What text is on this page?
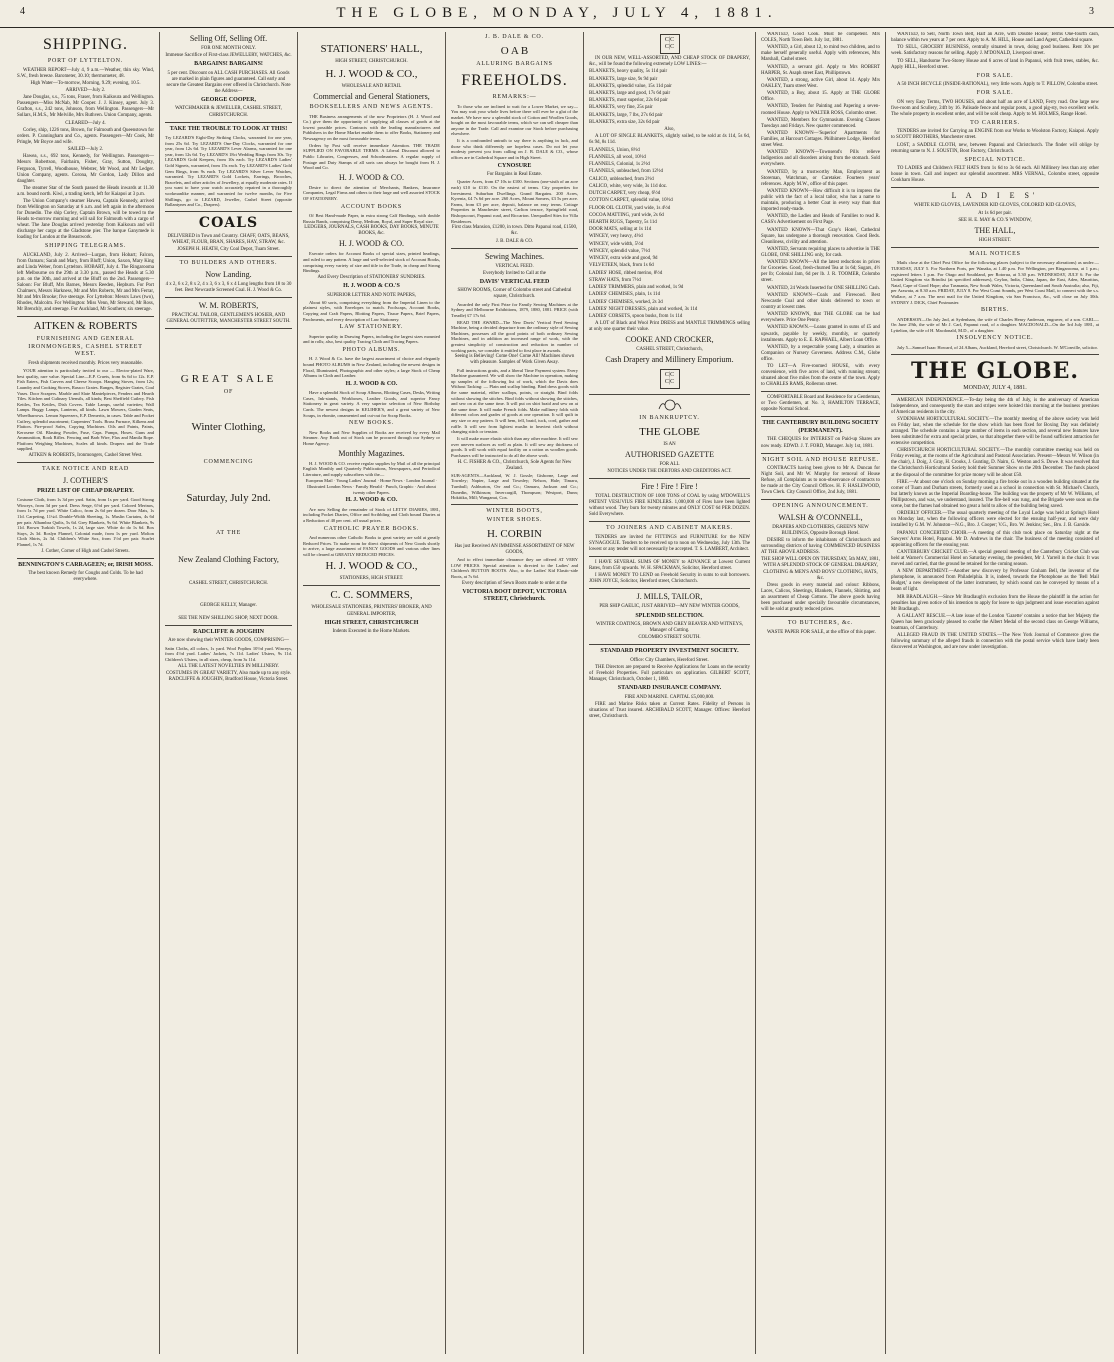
4	THE GLOBE, MONDAY, JULY 4, 1881.	3
SHIPPING.
PORT OF LYTTELTON.

WEATHER REPORT—July 4, 9 a.m.—Weather, thin sky. Wind, S.W., fresh breeze. Barometer, 30.10; thermometer, 48.

High Water—To-morrow, Morning, 9.29; evening, 10.5.

ARRIVED—July 2.

Jane Douglas, s.s., 75 tons, Fraser, from Kaikoura and Wellington. Passengers—Miss McNab, Mr Cooper. J. J. Kinsey, agent. July 3. Grafton, s.s., 242 tons, Johnson, from Wellington. Passengers—Mr Sollars, H.M.S., Mr Melville, Mrs Ruthven. Union Company, agents.

CLEARED—July 4.

Corley, ship, 1226 tons, Brown, for Falmouth and Queenstown for orders. P. Cunningham and Co., agents. Passengers—Mr Cook, Mr Pringle, Mr Boyce and wife.

SAILED—July 2.

Hawea, s.s., 692 tons, Kennedy, for Wellington. Passengers—Messrs Robertson, Fairbairn, Fisher, Gray, Sutton, Doughty, Ferguson, Tyrrell, Woodhouse, Webster, Mr Wood, and Mr Ledger. Union Company, agents. Corona, Mr Gordon, Lady Dillon and daughter.

The steamer Star of the South passed the Heads inwards at 11.30 a.m. bound north. Kiwi, a trading ketch, left for Kaiapoi at 3 p.m.

The Union Company's steamer Hawea, Captain Kennedy, arrived from Wellington on Saturday at 6 a.m. and left again in the afternoon for Dunedin. The ship Corley, Captain Brown, will be towed to the Heads to-morrow morning and will sail for Falmouth with a cargo of wheat. The Jane Douglas arrived yesterday from Kaikoura and will discharge her cargo at the Gladstone pier. The barque Ganymede is loading for London at the Breastwork.

SHIPPING TELEGRAMS.

AUCKLAND, July 2. Arrived—Lurgan, from Hobart; Falcon, from Oamaru; Sarah and Mary, from Bluff; Union, Saxon, Mary King and Linda Weber, from Lyttelton. HOBART, July 4. The Ringarooma left Melbourne on the 29th at 3.30 p.m., passed the Heads at 5.30 p.m. on the 30th, and arrived at the Bluff on the 2nd. Passengers—Saloon: For Bluff, Mrs Barnes, Messrs Reeden, Hepburn. For Port Chalmers, Messrs Harkness, Mr and Mrs Roberts, Mr and Mrs Ferrar, Mr and Mrs Brooke; five steerage. For Lyttelton: Messrs Laws (two), Rhodes, Malcolm. For Wellington: Miss Venn, Mr Steward, Mr Ross, Mr Brenchly, and steerage. For Auckland, Mr Southern; six steerage.

AITKEN & ROBERTS
FURNISHING AND GENERAL IRONMONGERS, CASHEL STREET WEST.

Fresh shipments received monthly. Prices very reasonable.

YOUR attention is particularly invited to our — Electro-plated Ware, best quality, rare value. Special Line—E.P. Cruets, from 6s 6d to 12s. E.P. Fish Eaters, Fish Carvers and Cheese Scoops. Hanging Stoves, from 12s; Laundry and Cooking Stoves, Rassco Grates. Ranges, Register Grates, Coal Vases. Door Scrapers. Marble and Slate Mantelpieces, Fenders and Hearth Tiles. Kitchen and Culinary Utensils, all kinds; Best Sheffield Cutlery. Fish Kettles, Tea Kettles, Dish Covers. Table Lamps, useful varieties; Wall Lamps. Buggy Lamps, Lanterns, all kinds. Lawn Mowers, Garden Seats, Wheelbarrows. Lemon Squeezers, E.P. Demerits, in cases. Table and Pocket Cutlery, splendid assortment; Carpenters' Tools. Brass Furnace, Kilkens and Flattors. Fire-proof Safes, Copying Machines. Oils and Paints, Paints, Kerosene Oil. Blasting Powder, Fuse, Caps. Pumps, Hoses. Guns and Ammunition, Rook Rifles. Fencing and Barb Wire, Flax and Manila Rope. Platform Weighing Machines, Scales all kinds. Drapers and the Trade supplied.

AITKEN & ROBERTS, Ironmongers, Cashel Street West.

TAKE NOTICE AND READ
J. COTHER'S
PRIZE LIST OF CHEAP DRAPERY.

Costume Cloth, from 1s 3d per yard. Satin, from 1s per yard. Good Strong Winceys, from 3d per yard. Dress Serge, 6½d per yard. Colored Merinos, from 1s 7d per yard. White Calico, from 2s 6d per dozen. Door Mats, 1s 11d. Carpeting, 11¼d. Double-Width Sheeting, 1s. Muslin Curtains, 4s 6d per pair. Alhambra Quilts, 5s 6d. Grey Blankets, 9s 6d. White Blankets, 9s 11d. Brown Turkish Towels, 1s 2d, large size. White do do 1s 6d. Box Stays, 2s 3d. Roslyn Flannel, Colonial made, from 1s per yard. Molton Cloth Shirts, 2s 3d. Children's White Sox, from 1½d per pair. Scarlet Flannel, 1s 7d.

J. Cother, Corner of High and Cashel Streets.

BENNINGTON'S CARRAGEEN; or, IRISH MOSS.

The best known Remedy for Coughs and Colds. To be had everywhere.

Selling Off, Selling Off.

FOR ONE MONTH ONLY.

Immense Sacrifice of First-class JEWELLERY, WATCHES, &c.

BARGAINS! BARGAINS!

5 per cent. Discount on ALL CASH PURCHASES. All Goods are marked in plain figures and guaranteed. Call early and secure the Greatest Bargains ever offered in Christchurch. Note the Address—

GEORGE COOPER,

WATCHMAKER & JEWELLER, CASHEL STREET, CHRISTCHURCH.

TAKE THE TROUBLE TO LOOK AT THIS!

Try LEZARD'S Eight-Day Striking Clocks, warranted for one year, from 25s 6d. Try LEZARD'S One-Day Clocks, warranted for one year, from 12s 6d. Try LEZARD'S Lever Alarms, warranted for one year, from 12s 6d. Try LEZARD'S 18ct Wedding Rings from 30s. Try LEZARD'S Gold Keepers, from 10s each. Try LEZARD'S Ladies' Gold Signets, warranted, from 15s each. Try LEZARD'S Ladies' Gold Gem Rings, from 9s each. Try LEZARD'S Silver Lever Watches, warranted. Try LEZARD'S Gold Lockets, Earrings, Brooches, Bracelets, and other articles of Jewellery, at equally moderate rates. If you want to have your watch accurately repaired in a thoroughly workmanlike manner, and warranted for twelve months, for Five Shillings, go to LEZARD, Jeweller, Cashel Street (opposite Ballantynes and Co., Drapers).

COALS

DELIVERED in Town and Country. CHAFF, OATS, BEANS, WHEAT, FLOUR, BRAN, SHARES, HAY, STRAW, &c.

JOSEPH H. HEATH, City Coal Depot, Tuam Street.

TO BUILDERS AND OTHERS.
Now Landing.

4 x 2, 6 x 2, 8 x 2, 4 x 3, 6 x 3, 6 x 4 Long lengths from 18 to 30 feet. Best Newcastle Screened Coal. H. J. Wood & Co.

W. M. ROBERTS,

PRACTICAL TAILOR, GENTLEMEN'S HOSIER, AND GENERAL OUTFITTER, MANCHESTER STREET SOUTH.

GREAT SALE
OF
Winter Clothing,
COMMENCING
Saturday, July 2nd.
AT THE
New Zealand Clothing Factory,

CASHEL STREET, CHRISTCHURCH.

GEORGE KELLY, Manager.

SEE THE NEW SHILLING SHOP, NEXT DOOR.

RADCLIFFE & JOUGHIN

Are now showing their WINTER GOODS, COMPRISING—

Satin Cloths, all colors, 1s yard. Wool Poplins 10½d yard. Winceys, from 4½d yard. Ladies' Jackets, 7s 11d. Ladies' Ulsters, 9s 11d. Children's Ulsters, in all sizes, cheap, from 3s 11d.

ALL THE LATEST NOVELTIES IN MILLINERY.

COSTUMES IN GREAT VARIETY, Also made up to any style. RADCLIFFE & JOUGHIN, Bradford House, Victoria Street.

STATIONERS' HALL,

HIGH STREET, CHRISTCHURCH.

H. J. WOOD & CO.,

WHOLESALE AND RETAIL

Commercial and General Stationers,
BOOKSELLERS AND NEWS AGENTS.

THE Business arrangements of the now Proprietors (H. J. Wood and Co.) give them the opportunity of supplying all classes of goods at the lowest possible prices. Contracts with the leading manufacturers and Publishers in the Home Market enable them to offer Books, Stationery and Newsagency on the most favourable terms.

Orders by Post will receive immediate Attention. THE TRADE SUPPLIED ON FAVORABLE TERMS. A Liberal Discount allowed to Public Libraries, Congresses, and Schoolmasters. A regular supply of Postage and Duty Stamps of all sorts can always be bought from H. J. Wood and Co.

H. J. WOOD & CO.

Desire to direct the attention of Merchants, Bankers, Insurance Companies, Legal Firms and others to their large and well assorted STOCK OF STATIONERY.

ACCOUNT BOOKS

Of Best Hand-made Paper, in extra strong Calf Bindings, with double Russia Bands, comprising Demy, Medium, Royal, and Super Royal size.

LEDGERS, JOURNALS, CASH BOOKS, DAY BOOKS, MINUTE BOOKS, &c.

H. J. WOOD & CO.

Execute orders for Account Books of special sizes, printed headings, and ruled to any pattern. A large and well-selected stock of Account Books, comprising every variety of size and title in the Trade, in cheap and Strong Bindings.

And Every Description of STATIONERS' SUNDRIES.

H. J. WOOD & CO.'S

SUPERIOR LETTER AND NOTE PAPERS,

About 60 sorts, comprising everything from the Imperial Linen to the plainest styles, with Envelopes to match. Foolscaps, Account Books, Copying and Craft Papers, Blotting Papers, Tissue Papers, Brief Papers, Parchments, and every description of Law Stationery.

LAW STATIONERY.

Superior quality in Drawing Papers, including the largest sizes mounted and in rolls; also, best quality Tracing Cloth and Tracing Papers.

PHOTO ALBUMS.

H. J. Wood & Co. have the largest assortment of choice and elegantly bound PHOTO ALBUMS in New Zealand, including the newest designs in Floral, Illuminated, Photographic and other styles; a large Stock of Cheap Albums in Cloth and Leather.

H. J. WOOD & CO.

Have a splendid Stock of Scrap Albums, Blotting Cases, Desks, Writing Cases, Ink-stands, Workboxes, Leather Goods, and superior Fancy Stationery in great variety. A very superior selection of New Birthday Cards. The newest designs in KELIHER'S, and a great variety of New Scraps, in ebonite, ornamented and cut-out for Scrap Books.

NEW BOOKS.

New Books and New Supplies of Books are received by every Mail Steamer. Any Book out of Stock can be procured through our Sydney or Home Agency.

Monthly Magazines.

H. J. WOOD & CO. receive regular supplies by Mail of all the principal English Monthly and Quarterly Publications, Newspapers, and Periodical Literature, and supply subscribers with the—

European Mail · Young Ladies' Journal · Home News · London Journal · Illustrated London News · Family Herald · Punch, Graphic · And about twenty other Papers.

H. J. WOOD & CO.

Are now Selling the remainder of Stock of LETTS' DIARIES, 1881, including Pocket Diaries, Office and Scribbling and Cloth bound Diaries at a Reduction of 40 per cent. off usual prices.

CATHOLIC PRAYER BOOKS.

And numerous other Catholic Books to great variety are sold at greatly Reduced Prices. To make room for direct shipments of New Goods shortly to arrive, a large assortment of FANCY GOODS and various other lines will be cleared at GREATLY REDUCED PRICES.

H. J. WOOD & CO.,

STATIONERS, HIGH STREET.

C. C. SOMMERS,

WHOLESALE STATIONERS, PRINTERS' BROKER, AND GENERAL IMPORTER,

HIGH STREET, CHRISTCHURCH

Indents Executed in the Home Markets.

J. B. DALE & CO.
O A B
ALLURING BARGAINS
FREEHOLDS.
REMARKS:—

To those who are inclined to wait for a Lower Market, we say—You may wait your whole lives before there will ever be a glut of the market. We have now a splendid stock of Cotton and Woollen Goods, bought on the most favourable terms, which we can sell cheaper than anyone in the Trade. Call and examine our Stock before purchasing elsewhere.

It is a confounded untruth to say there is anything in luck, and those who think differently are hopeless cases. Do not let your modesty prevent you from calling on J. B. DALE & CO., whose offices are in Cathedral Square and in High Street.

CYNOSURE

For Bargains in Real Estate.

Quarter Acres, from £7 10s to £100. Sections (one-sixth of an acre each) £10 to £110. On the easiest of terms. City properties for Investment. Suburban Dwellings. Grand Bargains. 200 Acres, Kyrenia, £4 7s 6d per acre. 260 Acres, Mount Somers, £3 5s per acre. Farms, from £3 per acre, deposit, balance on easy terms. Cottage Properties in Manchester street, Carlton terrace, Springfield road, Bishopscourt, Papanui road, and Riccarton. Unequalled Sites for Villa Residences.

First class Mansion, £1200, in town. Ditto Papanui road, £1500, &c.

J. B. DALE & CO.

Sewing Machines.

VERTICAL FEED.

Everybody Invited to Call at the

DAVIS' VERTICAL FEED

SHOW ROOMS, Corner of Colombo street and Cathedral square, Christchurch.

Awarded the only First Prize for Family Sewing Machines at the Sydney and Melbourne Exhibitions, 1879, 1880, 1881. PRICE (with Treadle) £7 17s 6d.

READ THE AWARD—The New Davis' Vertical Feed Sewing Machine, being a decided departure from the ordinary style of Sewing Machines, possesses all the good points of both ordinary Sewing Machines, and in addition an increased range of work, with the greatest simplicity of construction and reduction in number of working parts, we consider it entitled to first place in awards.

Seeing is Believing! Come One! Come All! Machines shown with pleasure. Samples of Work Given Away.

Full instructions gratis, and a liberal Time Payment system. Every Machine guaranteed. We will show the Machine in operation, making up samples of the following list of work, which the Davis does Without Tacking: — Plain and scallop binding. Bind dress goods with the same material, either scallops, points, or straight. Bind folds without showing the stitches. Bind folds without showing the stitches, and sew on at the same time. It will put on shirt braid and sew on at the same time. It will make French folds. Make millinery folds with different colors and grades of goods at one operation. It will quilt in any size or any pattern. It will hem, fell, braid, tuck, cord, gather and ruffle. It will sew from lightest muslin to heaviest cloth without changing stitch or tension.

It will make more elastic stitch than any other machine. It will sew over uneven surfaces as well as plain. It will sew any thickness of goods. It will work with equal facility on a cotton as woollen goods. Purchasers will be instructed to do all the above work.

H. C. FISHER & CO., Christchurch, Sole Agents for New Zealand.

SUB-AGENTS—Auckland, W. J. Gossle; Gisborne, Large and Townley; Napier, Large and Townley; Nelson, Hale; Timaru, Turnbull; Ashburton, Orr and Co.; Oamaru, Jackson and Co.; Dunedin, Wilkinson; Invercargill, Thompson; Westport, Dunn; Hokitika, Mill; Wanganui, Cox.

WINTER BOOTS,
WINTER SHOES.
H. CORBIN

Has just Received AN IMMENSE ASSORTMENT OF NEW GOODS,

And to effect immediate clearance they are offered AT VERY LOW PRICES. Special attention is directed to the Ladies' and Children's BUTTON BOOTS. Also, to the Ladies' Kid Elastic-side Boots, at 7s 6d.

Every description of Sewn Boots made to order at the

VICTORIA BOOT DEPOT, VICTORIA STREET, Christchurch.
C|C
C|C

IN OUR NEW, WELL-ASSORTED, AND CHEAP STOCK OF DRAPERY, &c., will be found the following extremely LOW LINES:—

BLANKETS, heavy quality, 5s 11d pair

BLANKETS, large size, 9s 9d pair

BLANKETS, splendid value, 15s 11d pair

BLANKETS, large and good, 17s 6d pair

BLANKETS, most superior, 22s 6d pair

BLANKETS, very fine, 25s pair

BLANKETS, large, 7 lbs, 27s 6d pair

BLANKETS, extra size, 32s 6d pair

Also,

A LOT OF SINGLE BLANKETS, slightly soiled, to be sold at 4s 11d, 5s 6d, 6s 9d, 8s 11d.

FLANNELS, Union, 8½d

FLANNELS, all wool, 10½d

FLANNELS, Colonial, 1s 2½d

FLANNELS, unbleached, from 12½d

CALICO, unbleached, from 2½d

CALICO, white, very wide, 3s 11d doz.

DUTCH CARPET, very cheap, 6½d

COTTON CARPET, splendid value, 10½d

FLOOR OIL CLOTH, yard wide, 1s 4½d

COCOA MATTING, yard wide, 2s 6d

HEARTH RUGS, Tapestry, 5s 11d

DOOR MATS, selling at 1s 11d

WINCEY, very heavy, 4½d

WINCEY, wide width, 5½d

WINCEY, splendid value, 7½d

WINCEY, extra wide and good, 9d

VELVETEEN, black, from 1s 6d

LADIES' HOSE, ribbed merino, 8½d

STRAW HATS, from 7½d

LADIES' TRIMMERS, plain and worked, 1s 9d

LADIES' CHEMISES, plain, 1s 11d

LADIES' CHEMISES, worked, 2s 3d

LADIES' NIGHT DRESSES, plain and worked, 3s 11d

LADIES' CORSETS, spoon busks, from 1s 11d

A LOT of Black and Wool Print DRESS and MANTLE TRIMMINGS selling at only one quarter their value.

COOKE AND CROCKER,

CASHEL STREET, Christchurch,

Cash Drapery and Millinery Emporium.
C|C
C|C
IN BANKRUPTCY.
THE GLOBE

IS AN

AUTHORISED GAZETTE

FOR ALL

NOTICES UNDER THE DEBTORS AND CREDITORS ACT.

Fire ! Fire ! Fire !

TOTAL DESTRUCTION OF 1000 TONS of COAL by using M'DOWELL'S PATENT VESUVIUS FIRE KINDLERS. 1,000,000 of Fires have been lighted without wood. They burn for twenty minutes and ONLY COST 6d PER DOZEN. Sold Everywhere.

TO JOINERS AND CABINET MAKERS.

TENDERS are invited for FITTINGS and FURNITURE for the NEW SYNAGOGUE. Tenders to be received up to noon on Wednesday, July 13th. The lowest or any tender will not necessarily be accepted. T. S. LAMBERT, Architect.

I HAVE SEVERAL SUMS OF MONEY to ADVANCE at Lowest Current Rates, from £50 upwards. W. H. SPACKMAN, Solicitor, Hereford street.

I HAVE MONEY TO LEND on Freehold Security in sums to suit borrowers. JOHN JOYCE, Solicitor, Hereford street, Christchurch.

J. MILLS, TAILOR,

PER SHIP GAELIC, JUST ARRIVED—MY NEW WINTER GOODS,

SPLENDID SELECTION.

WINTER COATINGS, BROWN AND GREY BEAVER AND WITNEYS, Manager of Cutting.

COLOMBO STREET SOUTH.

STANDARD PROPERTY INVESTMENT SOCIETY.

Office: City Chambers, Hereford Street.

THE Directors are prepared to Receive Applications for Loans on the security of Freehold Properties. Full particulars on application. GILBERT SCOTT, Manager, Christchurch, October 1, 1880.

STANDARD INSURANCE COMPANY.

FIRE AND MARINE. CAPITAL £5,000,000.

FIRE and Marine Risks taken at Current Rates. Fidelity of Persons in situations of Trust insured. ARCHIBALD SCOTT, Manager. Offices: Hereford street, Christchurch.

WANTED, Good Cook. Must be competent. Mrs COLES, North Town Belt. July 1st, 1881.

WANTED, a Girl, about 12, to mind two children, and to make herself generally useful. Apply with references, Mrs Marshall, Cashel street.

WANTED, a servant girl. Apply to Mrs ROBERT HARPER, St. Asaph street East, Phillipstown.

WANTED, a strong, active Girl, about 14. Apply Mrs OAKLEY, Tuam street West.

WANTED, a Boy, about 15. Apply at THE GLOBE Office.

WANTED, Tenders for Painting and Papering a seven-roomed House. Apply to WALTER ROSS, Colombo street.

WANTED, Members for Gymnasium. Evening Classes Tuesdays and Fridays. New quarter commenced.

WANTED KNOWN—'Superior' Apartments for Families, at Harcourt Cottages. Philhimere Lodge, Hereford street West.

WANTED KNOWN—Townsend's Pills relieve Indigestion and all disorders arising from the stomach. Sold everywhere.

WANTED, by a trustworthy Man, Employment as Storeman, Watchman, or Caretaker. Fourteen years' references. Apply M.W., office of this paper.

WANTED KNOWN—How difficult it is to impress the public with the fact of a local tailor, who has a name to maintain, producing a better Coat in every way than that imported ready-made.

WANTED, the Ladies and Heads of Families to read R. CASS's Advertisement on First Page.

WANTED KNOWN—That Gray's Hotel, Cathedral Square, has undergone a thorough renovation. Good Beds. Cleanliness, civility and attention.

WANTED, Servants requiring places to advertise in THE GLOBE, ONE SHILLING only, for cash.

WANTED KNOWN—All the latest reductions in prices for Groceries. Good, fresh-churned Tea at 1s 6d; Sugars, 4½ per lb; Colonial Jam, 6d per lb. J. R. TOOMER, Colombo street.

WANTED, 24 Words Inserted for ONE SHILLING Cash.

WANTED KNOWN—Coals and Firewood. Best Newcastle Coal and other kinds delivered to town or country at lowest rates.

WANTED KNOWN, that THE GLOBE can be had everywhere. Price One Penny.

WANTED KNOWN.—Loans granted in sums of £5 and upwards, payable by weekly, monthly, or quarterly instalments. Apply to E. E. RAPHAEL, Albert Loan Office.

WANTED, by a respectable young Lady, a situation as Companion or Nursery Governess. Address C.M., Globe office.

TO LET—A Five-roomed HOUSE, with every convenience, with five acres of land, with running stream; situated about five miles from the centre of the town. Apply to CHARLES RAMS, Rolleston street.

COMFORTABLE Board and Residence for a Gentleman, or Two Gentlemen, at No. 3, HAMILTON TERRACE, opposite Normal School.

THE CANTERBURY BUILDING SOCIETY (PERMANENT).

THE CHEQUES for INTEREST on Paid-up Shares are now ready. EDWD. J. T. FORD, Manager. July 1st, 1881.

NIGHT SOIL AND HOUSE REFUSE.

CONTRACTS having been given to Mr A. Duncan for Night Soil, and Mr W. Murphy for removal of House Refuse, all Complaints as to non-observance of contracts to be made at the City Council Offices. H. F. HASLEWOOD, Town Clerk. City Council Office, 2nd July, 1881.

OPENING ANNOUNCEMENT.
WALSH & O'CONNELL,

DRAPERS AND CLOTHIERS, GREEN'S NEW BUILDINGS, Opposite Borough Hotel.

DESIRE to inform the inhabitants of Christchurch and surrounding districts of having COMMENCED BUSINESS AT THE ABOVE ADDRESS.

THE SHOP WILL OPEN ON THURSDAY, 5th MAY, 1881, WITH A SPLENDID STOCK OF GENERAL DRAPERY, CLOTHING & MEN'S AND BOYS' CLOTHING, HATS, &c.

Dress goods in every material and colour: Ribbons, Laces, Calicos, Sheetings, Blankets, Flannels, Shirting, and an assortment of Cheap Cottons. The above goods having been purchased under specially favourable circumstances, will be sold at greatly reduced prices.

TO BUTCHERS, &c.

WASTE PAPER FOR SALE, at the office of this paper.

WANTED, to Sell, North Town Belt, Half an Acre, with Double House; Terms One-fourth cash, balance within two years at 7 per cent. Apply to A. M. HILL, House and Land Agent, Cathedral square.

TO SELL, GROCERY BUSINESS, centrally situated in town, doing good business. Rent 10s per week. Satisfactory reasons for selling. Apply J. M'DONALD, Liverpool street.

TO SELL, Handsome Two-Storey House and 6 acres of land in Papanui, with fruit trees, stables, &c. Apply HILL, Hereford street.

FOR SALE.

A 50 INCH BICYCLE (INSIDE-RATIONAL), very little worn. Apply to T. PILLOW, Colombo street.

FOR SALE.

ON very Easy Terms, TWO HOUSES, and about half an acre of LAND, Ferry road. One large new five-room and Scullery, 24ft by 16. Palisade fence and regular posts, a good pig-sty, two excellent wells. The whole property in excellent order, and will be sold cheap. Apply to M. HOLMES, Range Hotel.

TO CARRIERS.

TENDERS are invited for Carrying an ENGINE from our Works to Woolston Factory, Kaiapoi. Apply to SCOTT BROTHERS, Manchester street.

LOST, a SADDLE CLOTH, new, between Papanui and Christchurch. The finder will oblige by returning same to N. J. SOUSTIN, Boot Factory, Christchurch.

SPECIAL NOTICE.

TO LADIES and Children's FELT HATS from 1s 6d to 3s 6d each. All Millinery less than any other house in town. Call and inspect our splendid assortment. MRS VERNAL, Colombo street, opposite Cookham House.

L A D I E S'

WHITE KID GLOVES, LAVENDER KID GLOVES, COLORED KID GLOVES,

At 1s 6d per pair.

SEE H. E. MAY & CO.'S WINDOW,

THE HALL,

HIGH STREET.

MAIL NOTICES

Mails close at the Chief Post Office for the following places (subject to the necessary alterations) as under:— TUESDAY, JULY 5. For Northern Ports, per Wanaka, at 1.40 p.m. For Wellington, per Ringarooma, at 1 p.m.; registered letters 1 p.m. For Otago and Southland, per Rotorua, at 5.30 p.m. WEDNESDAY, JULY 6. For the United Kingdom via Brindisi (at specified addresses), Ceylon, India, China, Japan, the East, Aden, Mauritius, Natal, Cape of Good Hope; also Tasmania, New South Wales, Victoria, Queensland and South Australia; also, Fiji, per Arawata, at 8.30 a.m. FRIDAY, JULY 8. For West Coast Sounds, per West Coast Mail, to connect with the s.s. Wallace, at 7 a.m. The next mail for the United Kingdom, via San Francisco, &c., will close on July 30th. SYDNEY J. DICK, Chief Postmaster.

BIRTHS.

ANDERSON—On July 2nd, at Sydenham, the wife of Charles Henry Anderson, engraver, of a son. CARL—On June 29th, the wife of Mr J. Carl, Papanui road, of a daughter. MACDONALD—On the 3rd July 1881, at Lyttelton, the wife of H. Macdonald, M.D., of a daughter.

INSOLVENCY NOTICE.

July 5—Samuel Isaac Howard, of 24 Albans, Auckland, Hereford street, Christchurch. W. M'Conville, solicitor.

THE GLOBE.
MONDAY, JULY 4, 1881.

AMERICAN INDEPENDENCE.—To-day being the 4th of July, is the anniversary of American Independence, and consequently the stars and stripes were hoisted this morning at the business premises of American residents in the city.

SYDENHAM HORTICULTURAL SOCIETY.—The monthly meeting of the above society was held on Friday last, when the schedule for the show which has been fixed for Boxing Day was definitely arranged. The schedule contains a large number of items in each section, and several new features have been substituted for extra and special prizes, so that altogether there will be found sufficient attraction for extensive competition.

CHRISTCHURCH HORTICULTURAL SOCIETY.—The monthly committee meeting was held on Friday evening, at the rooms of the Agricultural and Pastoral Association. Present—Messrs W. Wilson (in the chair), J. Doig, J. Gray, H. Crooks, J. Gunting, D. Nairn, G. Weston and S. Dowe. It was resolved that the Christchurch Horticultural Society hold their Summer Show on the 20th December. The funds placed at the disposal of the committee for prize money will be about £50.

FIRE.—At about one o'clock on Sunday morning a fire broke out in a wooden building situated at the corner of Tuam and Durham streets, formerly used as a school in connection with St. Michael's Church, but latterly known as the Imperial Boarding-house. The building was the property of Mr W. Williams, of Phillipstown, and was, we understand, insured. The fire-bell was rung, and the Brigade were soon on the scene, but the flames had obtained too great a hold to allow of the building being saved.

ORDERLY OFFICER.—The usual quarterly meeting of the Loyal Lodge was held at Spring's Hotel on Monday last, when the following officers were elected for the ensuing half-year, and were duly installed by G.M. W. Johnston—N.G., Bro. J. Cooper; V.G., Bro. W. Jenkins; Sec., Bro. J. B. Garside.

PAPANUI CONCERTED CHOIR.—A meeting of this club took place on Saturday night at the Sawyers' Arms Hotel, Papanui. Mr D. Andrews in the chair. The business of the meeting consisted of appointing officers for the ensuing year.

CANTERBURY CRICKET CLUB.—A special general meeting of the Canterbury Cricket Club was held at Warner's Commercial Hotel on Saturday evening, the president, Mr J. Yarrell in the chair. It was moved and carried, that the ground be retained for the coming season.

A NEW DEPARTMENT.—Another new discovery by Professor Graham Bell, the inventor of the photophone, is announced from Philadelphia. It is, indeed, towards the Photophone as the 'Bell Mail Budget,' a new development of the latter instrument, by which sound can be conveyed by means of a beam of light.

MR BRADLAUGH.—Since Mr Bradlaugh's exclusion from the House the plaintiff in the action for penalties has given notice of his intention to apply for leave to sign judgment and issue execution against Mr Bradlaugh.

A GALLANT RESCUE.—A late issue of the London 'Gazette' contains a notice that her Majesty the Queen has been graciously pleased to confer the Albert Medal of the second class on George Williams, boatman, of Canterbury.

ALLEGED FRAUD IN THE UNITED STATES.—The New York Journal of Commerce gives the following summary of the alleged frauds in connection with the postal service which have lately been discovered at Washington, and are now under investigation.
